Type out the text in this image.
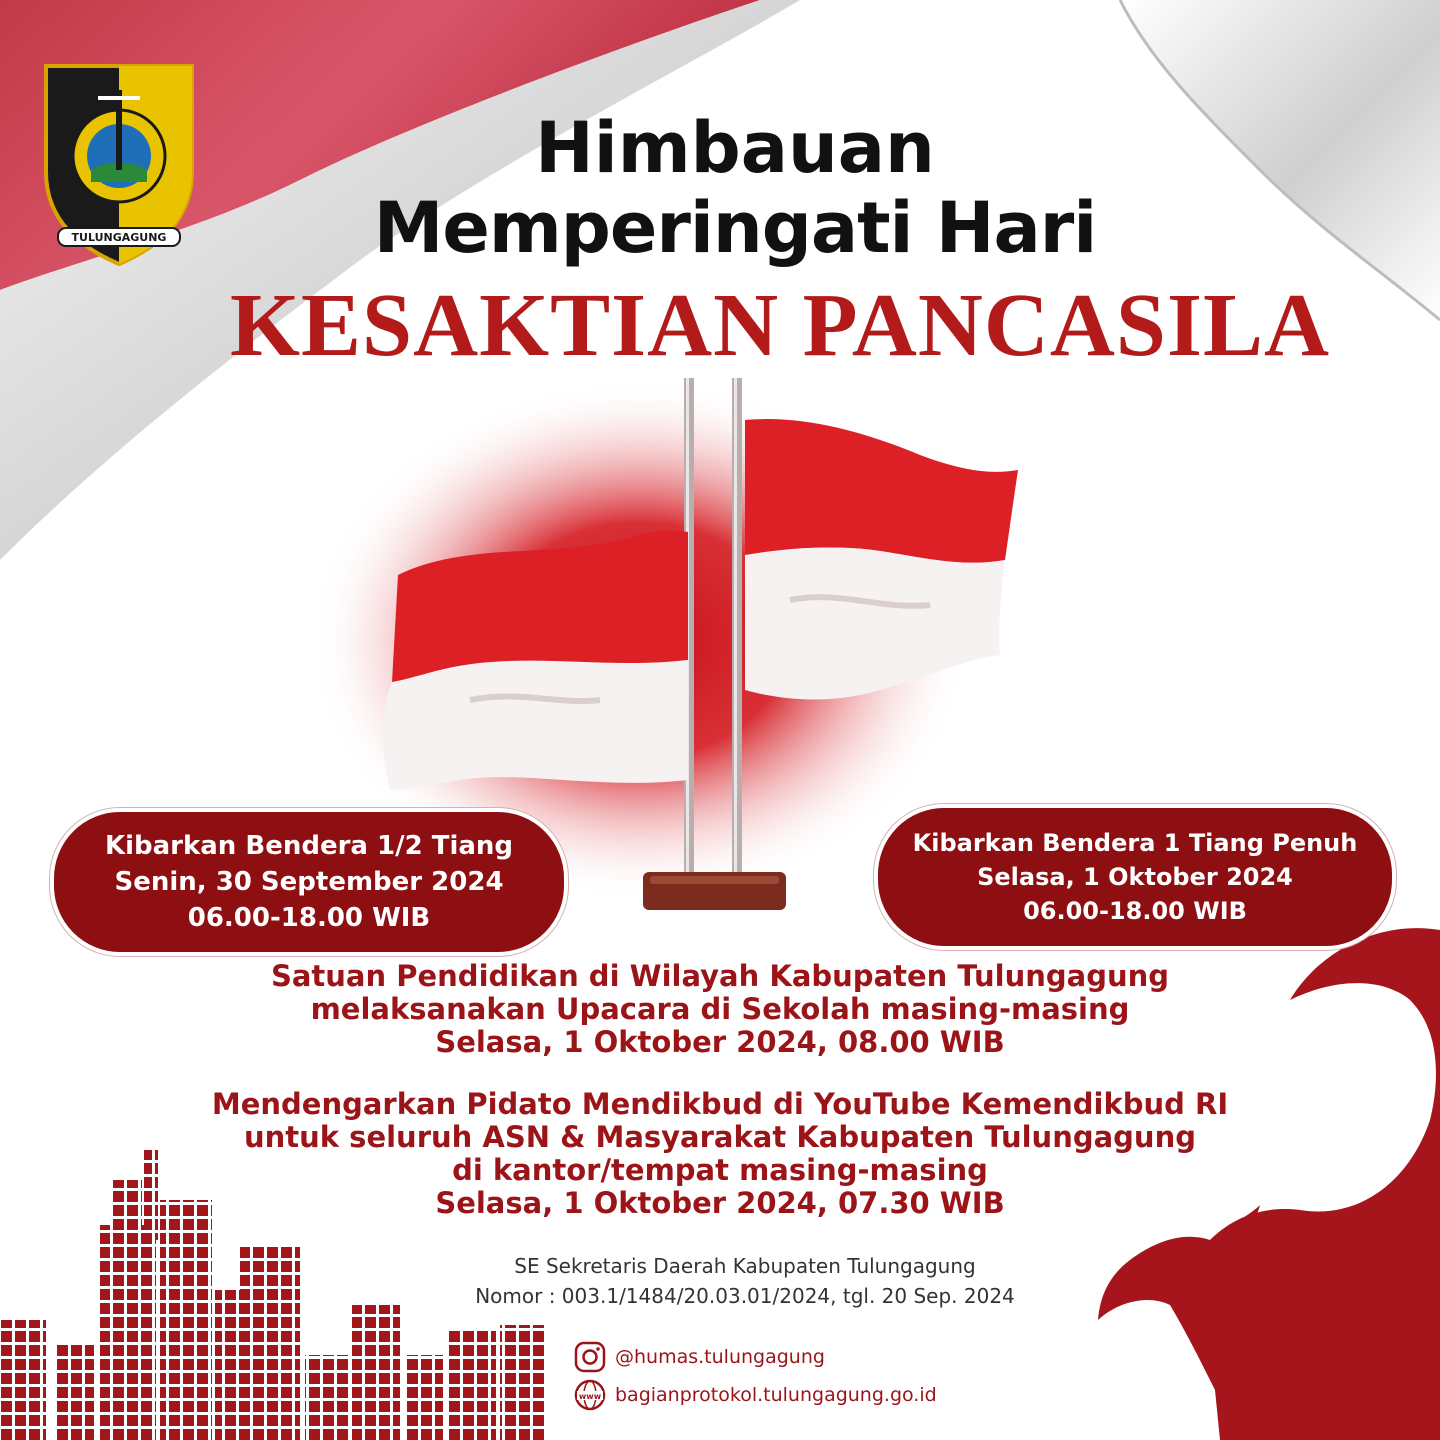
TULUNGAGUNG
Himbauan
Memperingati Hari
KESAKTIAN PANCASILA
Kibarkan Bendera 1/2 Tiang
Senin, 30 September 2024
06.00-18.00 WIB
Kibarkan Bendera 1 Tiang Penuh
Selasa, 1 Oktober 2024
06.00-18.00 WIB
Satuan Pendidikan di Wilayah Kabupaten Tulungagung
melaksanakan Upacara di Sekolah masing-masing
Selasa, 1 Oktober 2024, 08.00 WIB
Mendengarkan Pidato Mendikbud di YouTube Kemendikbud RI
untuk seluruh ASN & Masyarakat Kabupaten Tulungagung
di kantor/tempat masing-masing
Selasa, 1 Oktober 2024, 07.30 WIB
SE Sekretaris Daerah Kabupaten Tulungagung
Nomor : 003.1/1484/20.03.01/2024, tgl. 20 Sep. 2024
@humas.tulungagung
www bagianprotokol.tulungagung.go.id
